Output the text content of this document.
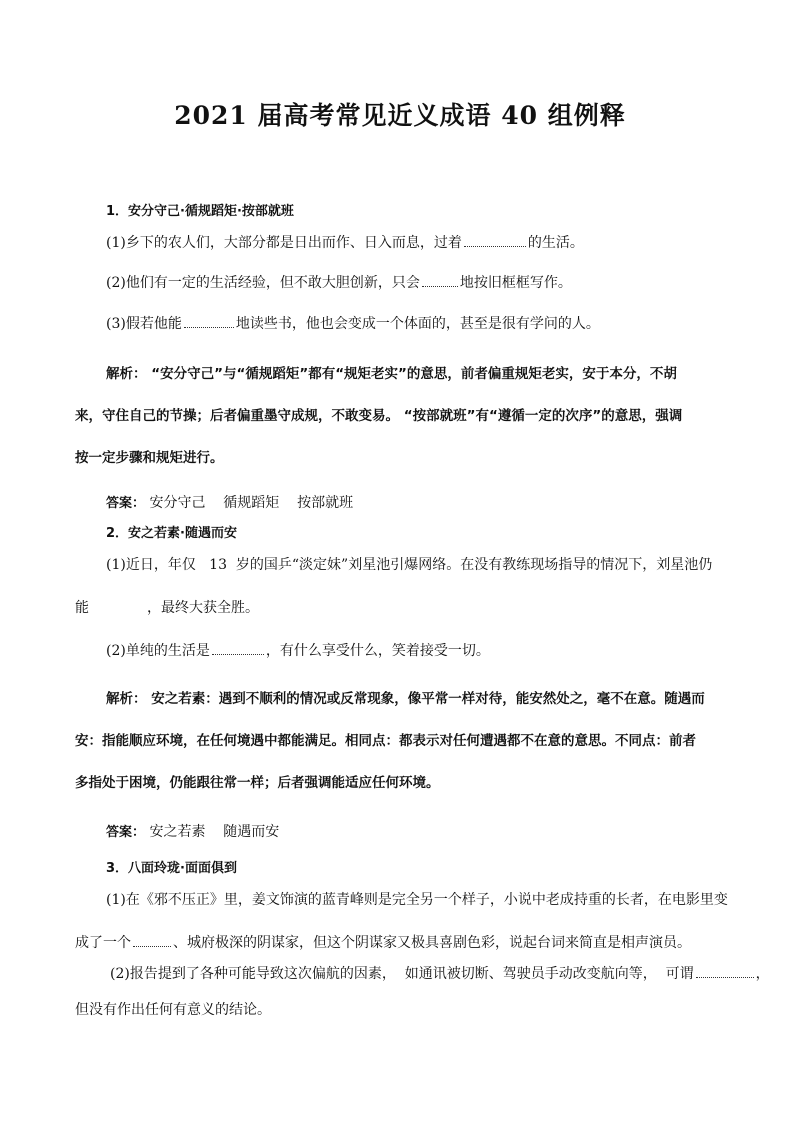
2021 届高考常见近义成语 40 组例释
1．安分守己·循规蹈矩·按部就班
(1)乡下的农人们，大部分都是日出而作、日入而息，过着	的生活。
(2)他们有一定的生活经验，但不敢大胆创新，只会	地按旧框框写作。
(3)假若他能	地读些书，他也会变成一个体面的，甚至是很有学问的人。
解析： “安分守己”与“循规蹈矩”都有“规矩老实”的意思，前者偏重规矩老实，安于本分，不胡
来，守住自己的节操；后者偏重墨守成规，不敢变易。 “按部就班”有“遵循一定的次序”的意思，强调
按一定步骤和规矩进行。
答案： 安分守己    循规蹈矩    按部就班
2．安之若素·随遇而安
(1)近日，年仅   13  岁的国乒“淡定妹”刘星池引爆网络。在没有教练现场指导的情况下，刘星池仍
能	，最终大获全胜。
(2)单纯的生活是	，有什么享受什么，笑着接受一切。
解析： 安之若素：遇到不顺利的情况或反常现象，像平常一样对待，能安然处之，毫不在意。随遇而
安：指能顺应环境，在任何境遇中都能满足。相同点：都表示对任何遭遇都不在意的意思。不同点：前者
多指处于困境，仍能跟往常一样；后者强调能适应任何环境。
答案： 安之若素    随遇而安
3．八面玲珑·面面俱到
(1)在《邪不压正》里，姜文饰演的蓝青峰则是完全另一个样子，小说中老成持重的长者，在电影里变
成了一个	、城府极深的阴谋家，但这个阴谋家又极具喜剧色彩，说起台词来简直是相声演员。
(2)报告提到了各种可能导致这次偏航的因素，  如通讯被切断、驾驶员手动改变航向等，  可谓	，
但没有作出任何有意义的结论。
